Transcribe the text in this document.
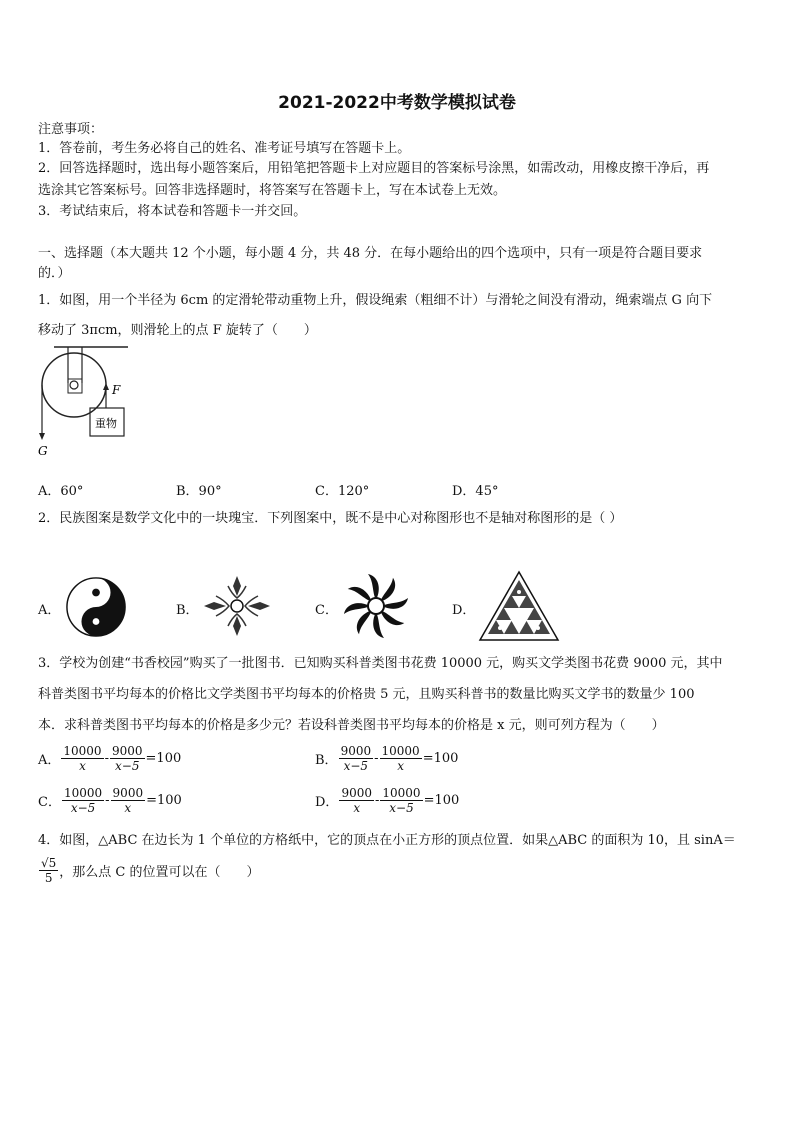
2021-2022中考数学模拟试卷
注意事项：
1．答卷前，考生务必将自己的姓名、准考证号填写在答题卡上。
2．回答选择题时，选出每小题答案后，用铅笔把答题卡上对应题目的答案标号涂黑，如需改动，用橡皮擦干净后，再
选涂其它答案标号。回答非选择题时，将答案写在答题卡上，写在本试卷上无效。
3．考试结束后，将本试卷和答题卡一并交回。
一、选择题（本大题共 12 个小题，每小题 4 分，共 48 分．在每小题给出的四个选项中，只有一项是符合题目要求
的．）
1．如图，用一个半径为 6cm 的定滑轮带动重物上升，假设绳索（粗细不计）与滑轮之间没有滑动，绳索端点 G 向下
移动了 3πcm，则滑轮上的点 F 旋转了（　　）
F
G
重物
A．60°	B．90°	C．120°	D．45°
2．民族图案是数学文化中的一块瑰宝．下列图案中，既不是中心对称图形也不是轴对称图形的是（ ）
A．	B．	C．	D．
3．学校为创建“书香校园”购买了一批图书．已知购买科普类图书花费 10000 元，购买文学类图书花费 9000 元，其中
科普类图书平均每本的价格比文学类图书平均每本的价格贵 5 元，且购买科普书的数量比购买文学书的数量少 100
本．求科普类图书平均每本的价格是多少元？若设科普类图书平均每本的价格是 x 元，则可列方程为（　　）
A． $\frac{10000}{x} - \frac{9000}{x-5} =100$	B． $\frac{9000}{x-5} - \frac{10000}{x} =100$
C． $\frac{10000}{x-5} - \frac{9000}{x} =100$	D． $\frac{9000}{x} - \frac{10000}{x-5} =100$
4．如图，△ABC 在边长为 1 个单位的方格纸中，它的顶点在小正方形的顶点位置．如果△ABC 的面积为 10，且 sinA＝
$\frac{√5}{5}$ ，那么点 C 的位置可以在（　　）
